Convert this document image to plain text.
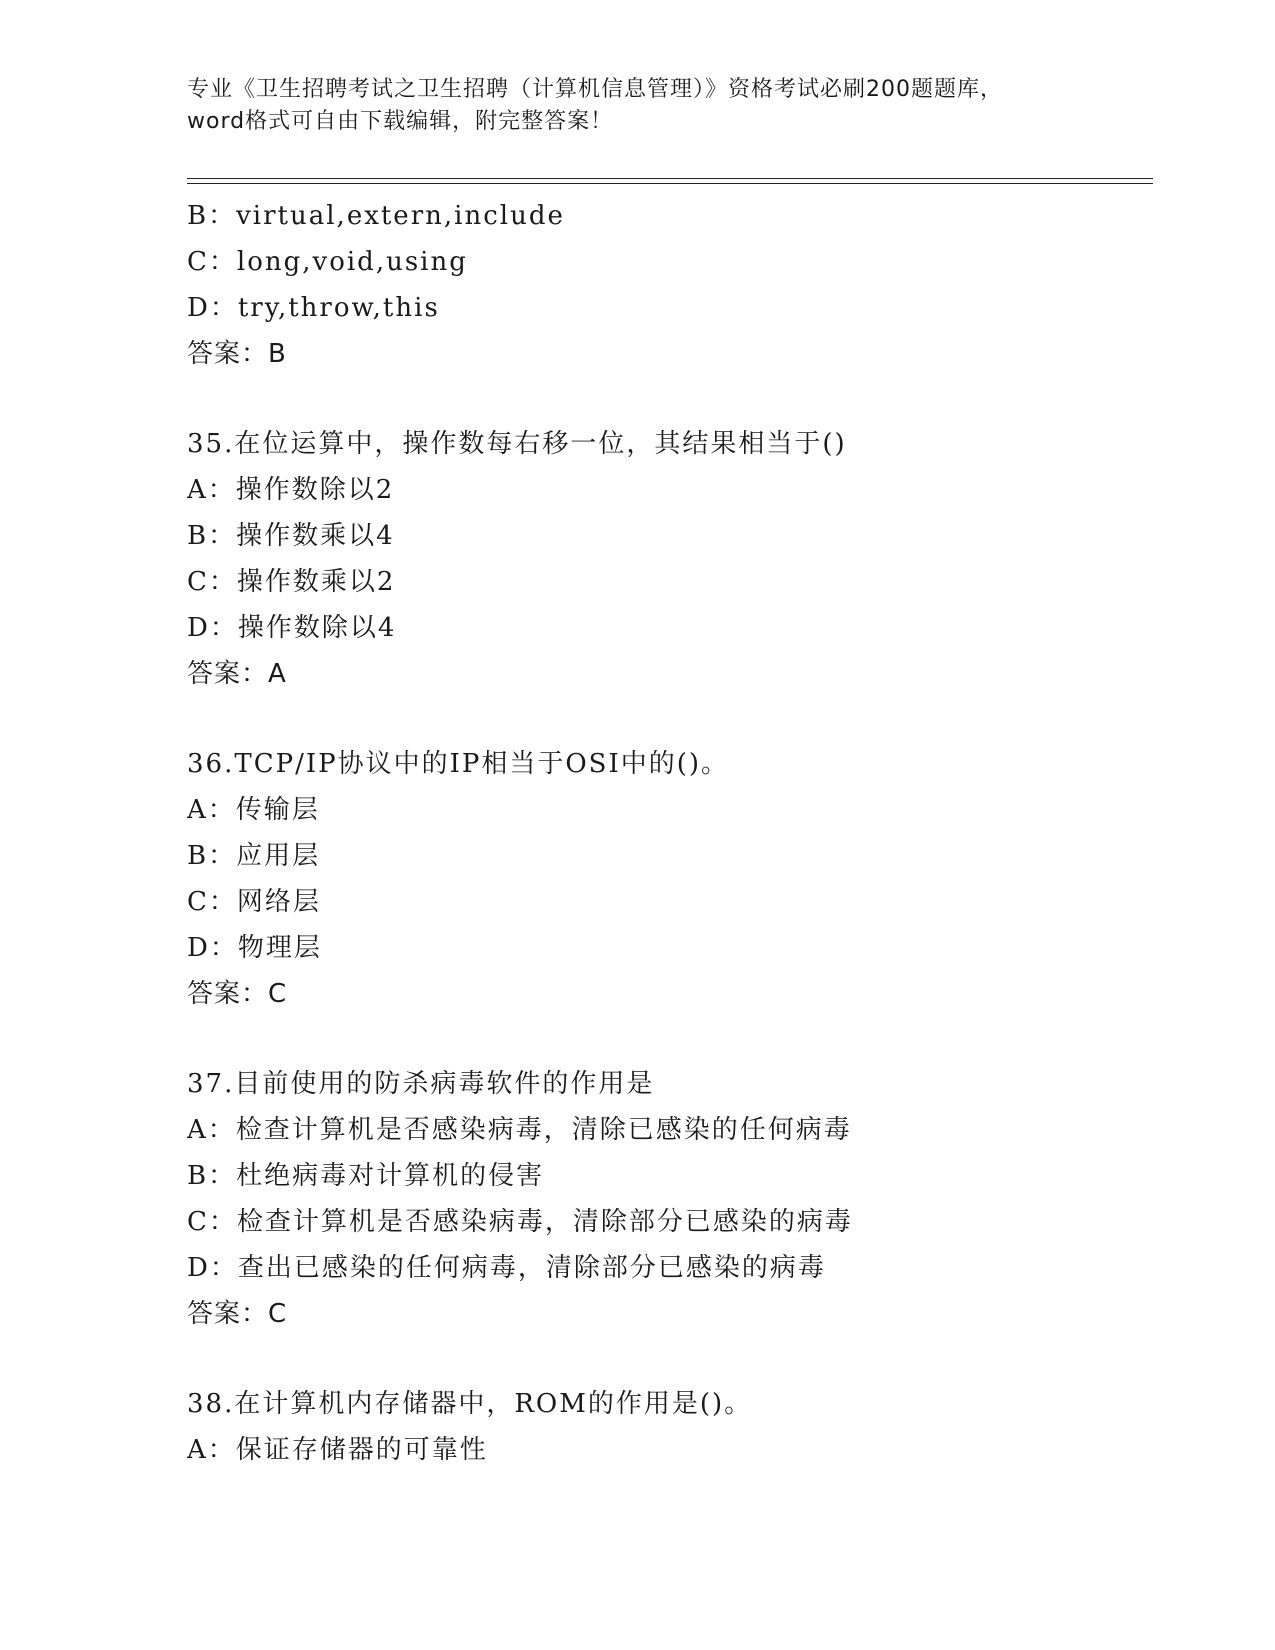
专业《卫生招聘考试之卫生招聘（计算机信息管理）》资格考试必刷200题题库，
word格式可自由下载编辑，附完整答案！
B：virtual,extern,include
C：long,void,using
D：try,throw,this
答案：B
35.在位运算中，操作数每右移一位，其结果相当于()
A：操作数除以2
B：操作数乘以4
C：操作数乘以2
D：操作数除以4
答案：A
36.TCP/IP协议中的IP相当于OSI中的()。
A：传输层
B：应用层
C：网络层
D：物理层
答案：C
37.目前使用的防杀病毒软件的作用是
A：检查计算机是否感染病毒，清除已感染的任何病毒
B：杜绝病毒对计算机的侵害
C：检查计算机是否感染病毒，清除部分已感染的病毒
D：查出已感染的任何病毒，清除部分已感染的病毒
答案：C
38.在计算机内存储器中，ROM的作用是()。
A：保证存储器的可靠性
